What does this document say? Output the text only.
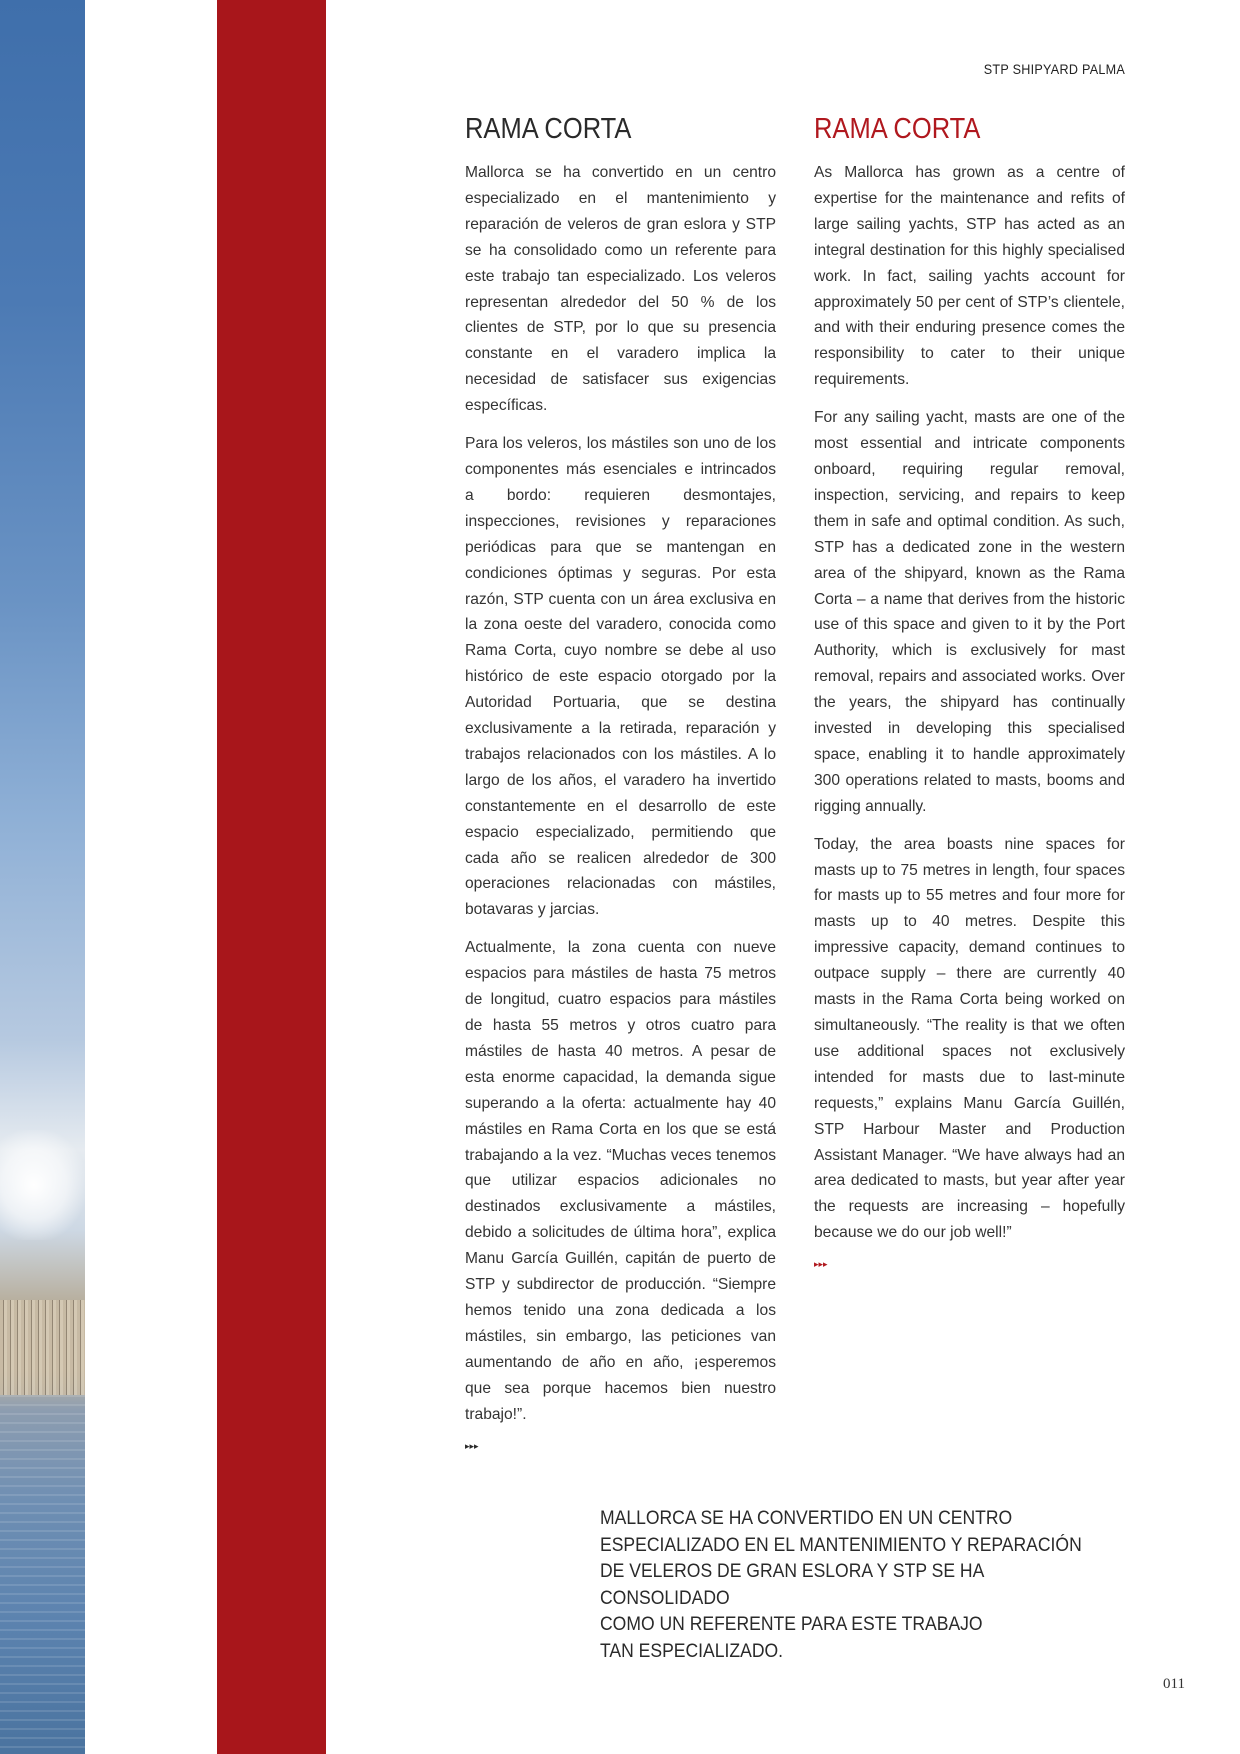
STP SHIPYARD PALMA
RAMA CORTA

Mallorca se ha convertido en un centro especializado en el mantenimiento y reparación de veleros de gran eslora y STP se ha consolidado como un referente para este trabajo tan especializado. Los veleros representan alrededor del 50 % de los clientes de STP, por lo que su presencia constante en el varadero implica la necesidad de satisfacer sus exigencias específicas.

Para los veleros, los mástiles son uno de los componentes más esenciales e intrincados a bordo: requieren desmontajes, inspecciones, revisiones y reparaciones periódicas para que se mantengan en condiciones óptimas y seguras. Por esta razón, STP cuenta con un área exclusiva en la zona oeste del varadero, conocida como Rama Corta, cuyo nombre se debe al uso histórico de este espacio otorgado por la Autoridad Portuaria, que se destina exclusivamente a la retirada, reparación y trabajos relacionados con los mástiles. A lo largo de los años, el varadero ha invertido constantemente en el desarrollo de este espacio especializado, permitiendo que cada año se realicen alrededor de 300 operaciones relacionadas con mástiles, botavaras y jarcias.

Actualmente, la zona cuenta con nueve espacios para mástiles de hasta 75 metros de longitud, cuatro espacios para mástiles de hasta 55 metros y otros cuatro para mástiles de hasta 40 metros. A pesar de esta enorme capacidad, la demanda sigue superando a la oferta: actualmente hay 40 mástiles en Rama Corta en los que se está trabajando a la vez. “Muchas veces tenemos que utilizar espacios adicionales no destinados exclusivamente a mástiles, debido a solicitudes de última hora”, explica Manu García Guillén, capitán de puerto de STP y subdirector de producción. “Siempre hemos tenido una zona dedicada a los mástiles, sin embargo, las peticiones van aumentando de año en año, ¡esperemos que sea porque hacemos bien nuestro trabajo!”.

▸▸▸
RAMA CORTA

As Mallorca has grown as a centre of expertise for the maintenance and refits of large sailing yachts, STP has acted as an integral destination for this highly specialised work. In fact, sailing yachts account for approximately 50 per cent of STP’s clientele, and with their enduring presence comes the responsibility to cater to their unique requirements.

For any sailing yacht, masts are one of the most essential and intricate components onboard, requiring regular removal, inspection, servicing, and repairs to keep them in safe and optimal condition. As such, STP has a dedicated zone in the western area of the shipyard, known as the Rama Corta – a name that derives from the historic use of this space and given to it by the Port Authority, which is exclusively for mast removal, repairs and associated works. Over the years, the shipyard has continually invested in developing this specialised space, enabling it to handle approximately 300 operations related to masts, booms and rigging annually.

Today, the area boasts nine spaces for masts up to 75 metres in length, four spaces for masts up to 55 metres and four more for masts up to 40 metres. Despite this impressive capacity, demand continues to outpace supply – there are currently 40 masts in the Rama Corta being worked on simultaneously. “The reality is that we often use additional spaces not exclusively intended for masts due to last-minute requests,” explains Manu García Guillén, STP Harbour Master and Production Assistant Manager. “We have always had an area dedicated to masts, but year after year the requests are increasing – hopefully because we do our job well!”

▸▸▸
MALLORCA SE HA CONVERTIDO EN UN CENTRO
ESPECIALIZADO EN EL MANTENIMIENTO Y REPARACIÓN
DE VELEROS DE GRAN ESLORA Y STP SE HA CONSOLIDADO
COMO UN REFERENTE PARA ESTE TRABAJO
TAN ESPECIALIZADO.
011
